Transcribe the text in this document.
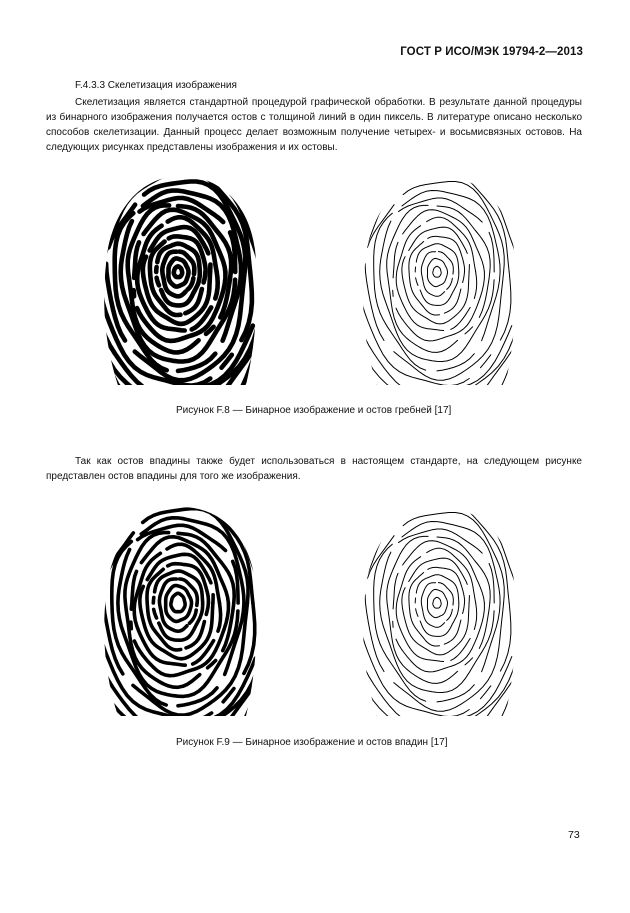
ГОСТ Р ИСО/МЭК 19794-2—2013
F.4.3.3 Скелетизация изображения

Скелетизация является стандартной процедурой графической обработки. В результате данной процедуры из бинарного изображения получается остов с толщиной линий в один пиксель. В литературе описано несколько способов скелетизации. Данный процесс делает возможным получение четырех- и восьмисвязных остовов. На следующих рисунках представлены изображения и их остовы.

Рисунок F.8 — Бинарное изображение и остов гребней [17]

Так как остов впадины также будет использоваться в настоящем стандарте, на следующем рисунке представлен остов впадины для того же изображения.

Рисунок F.9 — Бинарное изображение и остов впадин [17]
73
